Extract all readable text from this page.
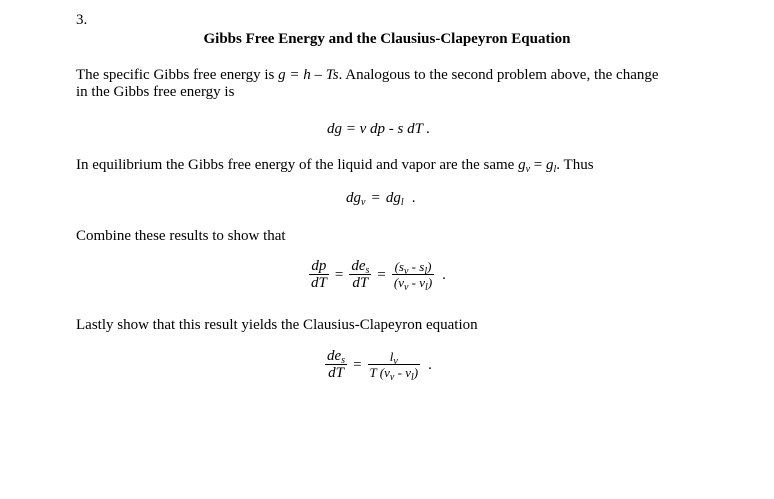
3.
Gibbs Free Energy and the Clausius-Clapeyron Equation
The specific Gibbs free energy is g = h – Ts. Analogous to the second problem above, the change
in the Gibbs free energy is
dg = v dp - s dT .
In equilibrium the Gibbs free energy of the liquid and vapor are the same $g_v = g_l$. Thus
$dg_v = dg_l$ .
Combine these results to show that
$\frac{dp}{dT} = \frac{de_s}{dT} = \frac{(s_v - s_l)}{(v_v - v_l)}$ .
Lastly show that this result yields the Clausius-Clapeyron equation
$\frac{de_s}{dT} = \frac{l_v}{T (v_v - v_l)}$ .
